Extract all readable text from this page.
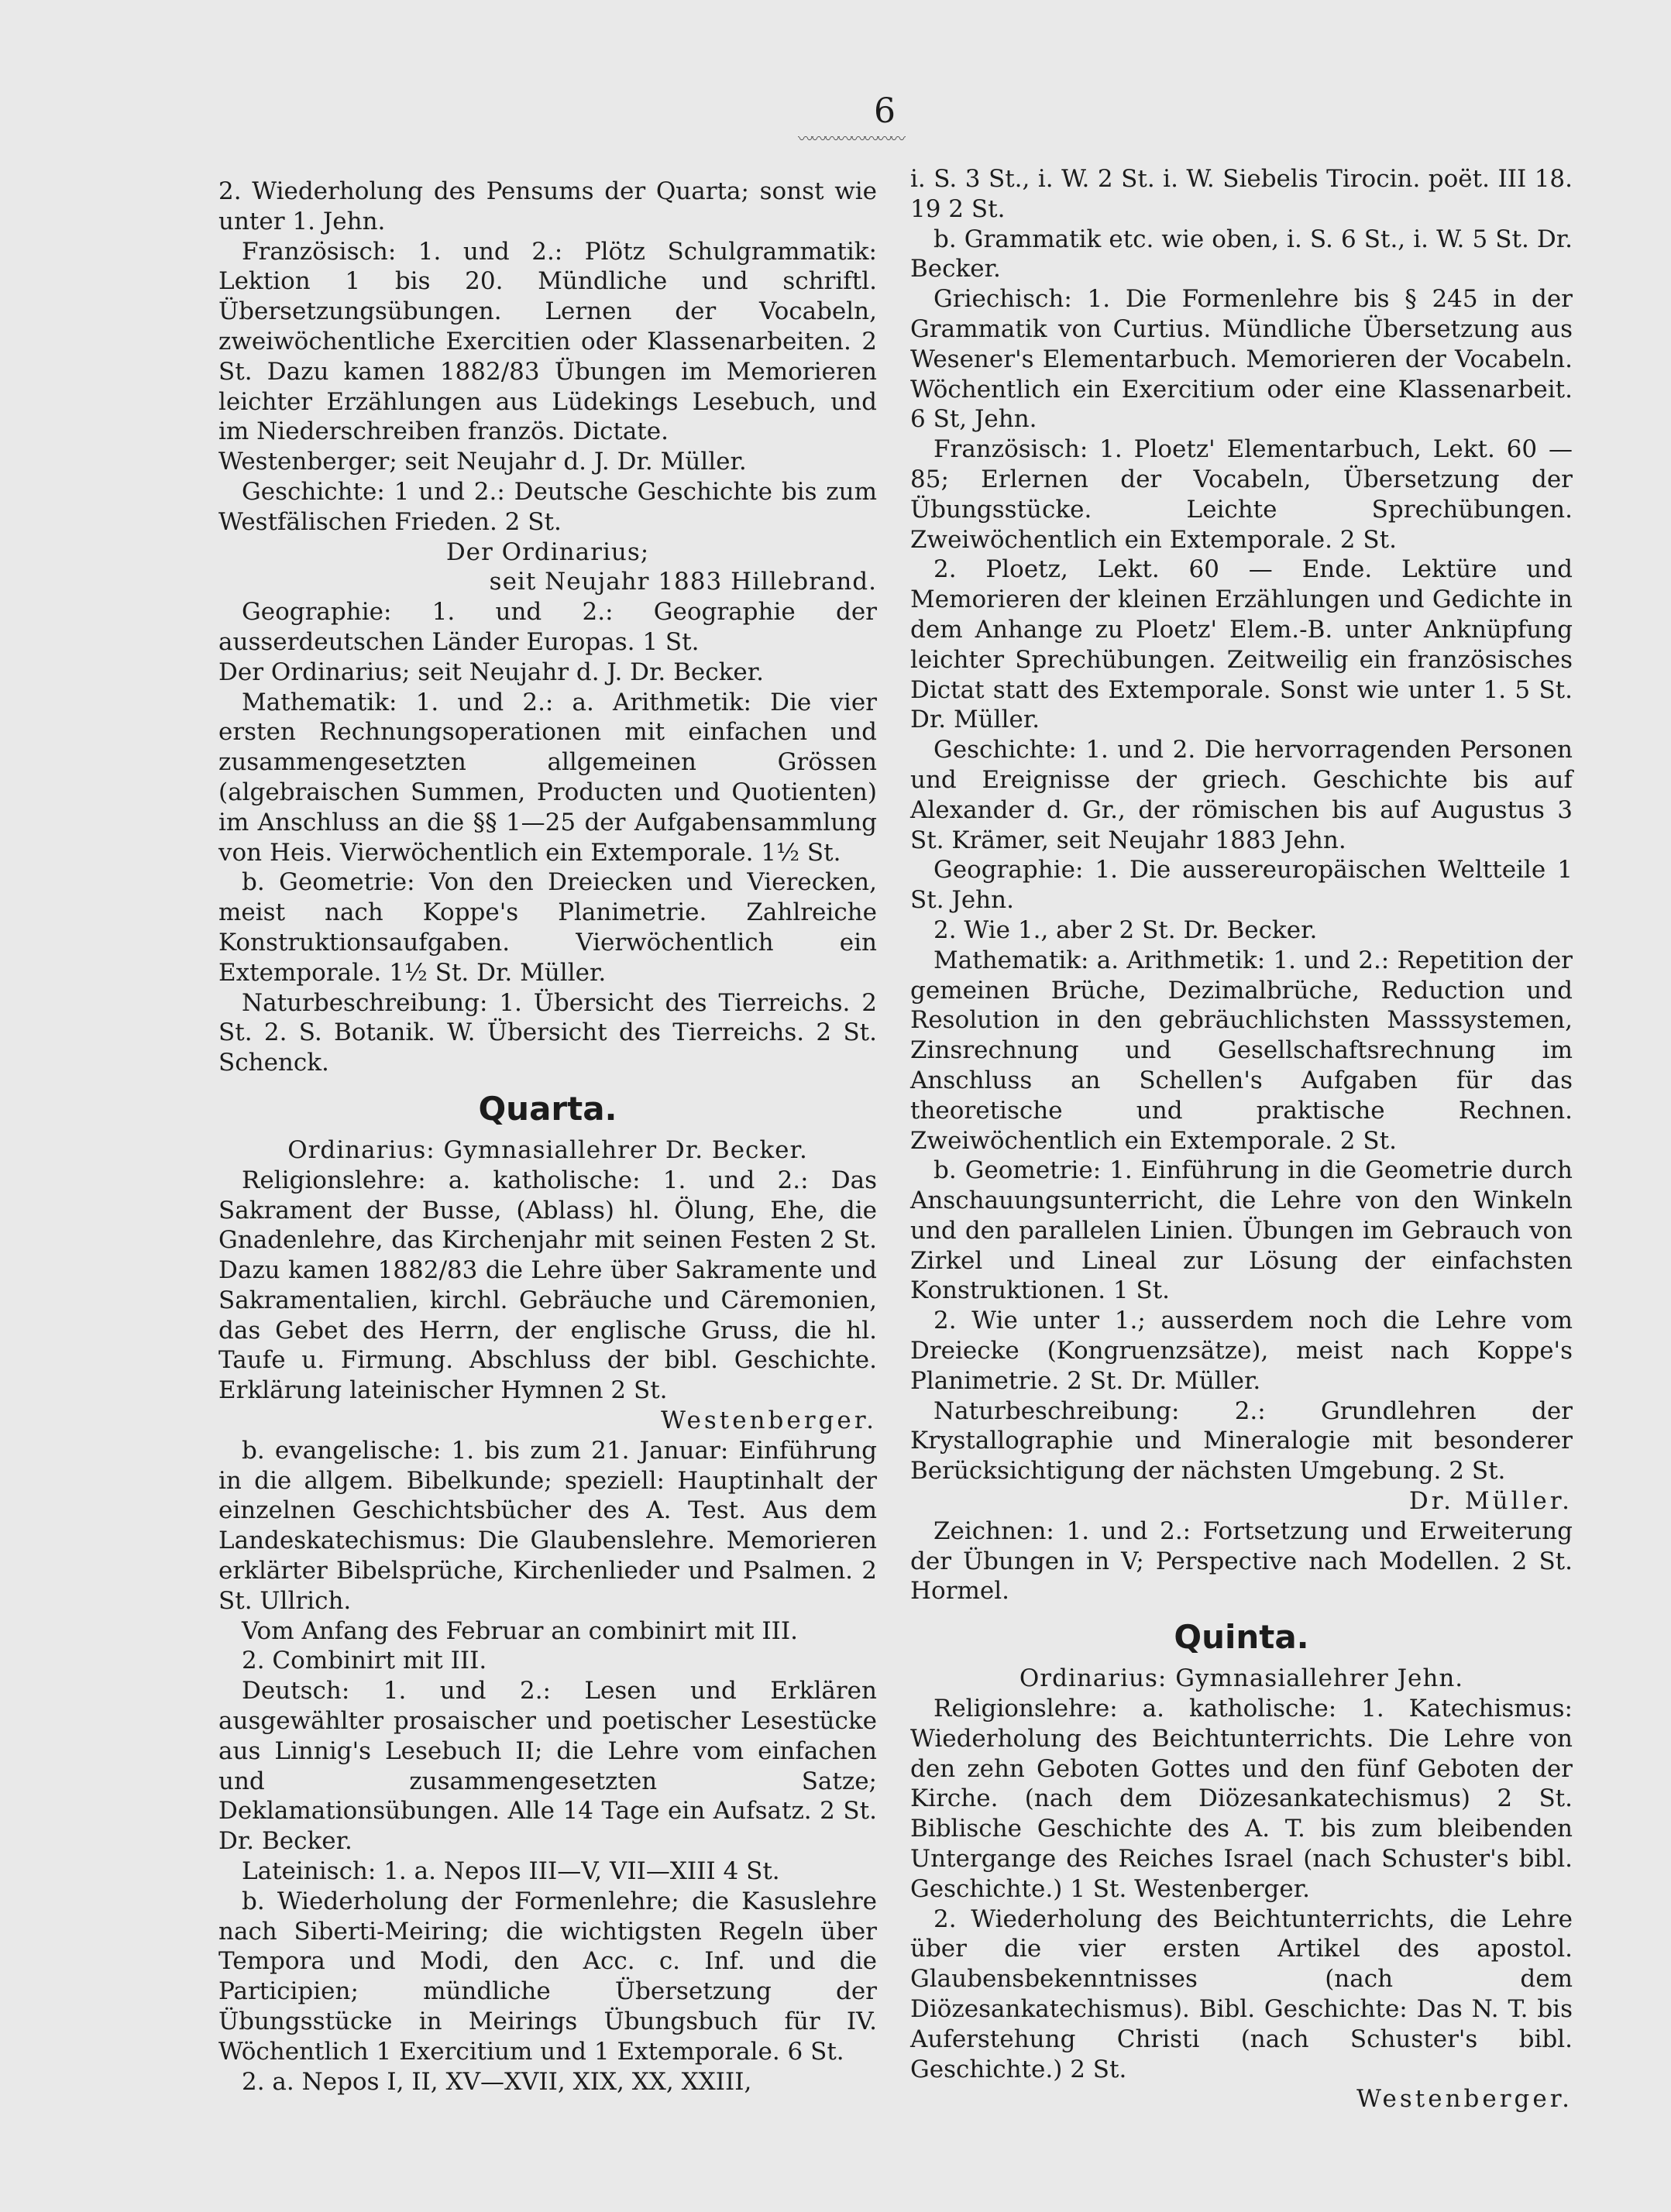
6
〰〰〰〰〰〰〰〰

2. Wiederholung des Pensums der Quarta; sonst wie unter 1. Jehn.

Französisch: 1. und 2.: Plötz Schulgrammatik: Lektion 1 bis 20. Mündliche und schriftl. Übersetzungsübungen. Lernen der Vocabeln, zweiwöchentliche Exercitien oder Klassenarbeiten. 2 St. Dazu kamen 1882/83 Übungen im Memorieren leichter Erzählungen aus Lüdekings Lesebuch, und im Niederschreiben französ. Dictate.

Westenberger; seit Neujahr d. J. Dr. Müller.

Geschichte: 1 und 2.: Deutsche Geschichte bis zum Westfälischen Frieden. 2 St.

Der Ordinarius;

seit Neujahr 1883 Hillebrand.

Geographie: 1. und 2.: Geographie der ausserdeutschen Länder Europas. 1 St.

Der Ordinarius; seit Neujahr d. J. Dr. Becker.

Mathematik: 1. und 2.: a. Arithmetik: Die vier ersten Rechnungsoperationen mit einfachen und zusammengesetzten allgemeinen Grössen (algebraischen Summen, Producten und Quotienten) im Anschluss an die §§ 1—25 der Aufgabensammlung von Heis. Vierwöchentlich ein Extemporale. 1½ St.

b. Geometrie: Von den Dreiecken und Vierecken, meist nach Koppe's Planimetrie. Zahlreiche Konstruktionsaufgaben. Vierwöchentlich ein Extemporale. 1½ St. Dr. Müller.

Naturbeschreibung: 1. Übersicht des Tierreichs. 2 St. 2. S. Botanik. W. Übersicht des Tierreichs. 2 St. Schenck.

Quarta.

Ordinarius: Gymnasiallehrer Dr. Becker.

Religionslehre: a. katholische: 1. und 2.: Das Sakrament der Busse, (Ablass) hl. Ölung, Ehe, die Gnadenlehre, das Kirchenjahr mit seinen Festen 2 St. Dazu kamen 1882/83 die Lehre über Sakramente und Sakramentalien, kirchl. Gebräuche und Cäremonien, das Gebet des Herrn, der englische Gruss, die hl. Taufe u. Firmung. Abschluss der bibl. Geschichte. Erklärung lateinischer Hymnen 2 St.

Westenberger.

b. evangelische: 1. bis zum 21. Januar: Einführung in die allgem. Bibelkunde; speziell: Hauptinhalt der einzelnen Geschichtsbücher des A. Test. Aus dem Landeskatechismus: Die Glaubenslehre. Memorieren erklärter Bibelsprüche, Kirchenlieder und Psalmen. 2 St. Ullrich.

Vom Anfang des Februar an combinirt mit III.

2. Combinirt mit III.

Deutsch: 1. und 2.: Lesen und Erklären ausgewählter prosaischer und poetischer Lesestücke aus Linnig's Lesebuch II; die Lehre vom einfachen und zusammengesetzten Satze; Deklamationsübungen. Alle 14 Tage ein Aufsatz. 2 St. Dr. Becker.

Lateinisch: 1. a. Nepos III—V, VII—XIII 4 St.

b. Wiederholung der Formenlehre; die Kasuslehre nach Siberti-Meiring; die wichtigsten Regeln über Tempora und Modi, den Acc. c. Inf. und die Participien; mündliche Übersetzung der Übungsstücke in Meirings Übungsbuch für IV. Wöchentlich 1 Exercitium und 1 Extemporale. 6 St.

2. a. Nepos I, II, XV—XVII, XIX, XX, XXIII,

i. S. 3 St., i. W. 2 St. i. W. Siebelis Tirocin. poët. III 18. 19 2 St.

b. Grammatik etc. wie oben, i. S. 6 St., i. W. 5 St. Dr. Becker.

Griechisch: 1. Die Formenlehre bis § 245 in der Grammatik von Curtius. Mündliche Übersetzung aus Wesener's Elementarbuch. Memorieren der Vocabeln. Wöchentlich ein Exercitium oder eine Klassenarbeit. 6 St, Jehn.

Französisch: 1. Ploetz' Elementarbuch, Lekt. 60 —85; Erlernen der Vocabeln, Übersetzung der Übungsstücke. Leichte Sprechübungen. Zweiwöchentlich ein Extemporale. 2 St.

2. Ploetz, Lekt. 60 — Ende. Lektüre und Memorieren der kleinen Erzählungen und Gedichte in dem Anhange zu Ploetz' Elem.-B. unter Anknüpfung leichter Sprechübungen. Zeitweilig ein französisches Dictat statt des Extemporale. Sonst wie unter 1. 5 St. Dr. Müller.

Geschichte: 1. und 2. Die hervorragenden Personen und Ereignisse der griech. Geschichte bis auf Alexander d. Gr., der römischen bis auf Augustus 3 St. Krämer, seit Neujahr 1883 Jehn.

Geographie: 1. Die aussereuropäischen Weltteile 1 St. Jehn.

2. Wie 1., aber 2 St. Dr. Becker.

Mathematik: a. Arithmetik: 1. und 2.: Repetition der gemeinen Brüche, Dezimalbrüche, Reduction und Resolution in den gebräuchlichsten Masssystemen, Zinsrechnung und Gesellschaftsrechnung im Anschluss an Schellen's Aufgaben für das theoretische und praktische Rechnen. Zweiwöchentlich ein Extemporale. 2 St.

b. Geometrie: 1. Einführung in die Geometrie durch Anschauungsunterricht, die Lehre von den Winkeln und den parallelen Linien. Übungen im Gebrauch von Zirkel und Lineal zur Lösung der einfachsten Konstruktionen. 1 St.

2. Wie unter 1.; ausserdem noch die Lehre vom Dreiecke (Kongruenzsätze), meist nach Koppe's Planimetrie. 2 St. Dr. Müller.

Naturbeschreibung: 2.: Grundlehren der Krystallographie und Mineralogie mit besonderer Berücksichtigung der nächsten Umgebung. 2 St.

Dr. Müller.

Zeichnen: 1. und 2.: Fortsetzung und Erweiterung der Übungen in V; Perspective nach Modellen. 2 St. Hormel.

Quinta.

Ordinarius: Gymnasiallehrer Jehn.

Religionslehre: a. katholische: 1. Katechismus: Wiederholung des Beichtunterrichts. Die Lehre von den zehn Geboten Gottes und den fünf Geboten der Kirche. (nach dem Diözesankatechismus) 2 St. Biblische Geschichte des A. T. bis zum bleibenden Untergange des Reiches Israel (nach Schuster's bibl. Geschichte.) 1 St. Westenberger.

2. Wiederholung des Beichtunterrichts, die Lehre über die vier ersten Artikel des apostol. Glaubensbekenntnisses (nach dem Diözesankatechismus). Bibl. Geschichte: Das N. T. bis Auferstehung Christi (nach Schuster's bibl. Geschichte.) 2 St.

Westenberger.
